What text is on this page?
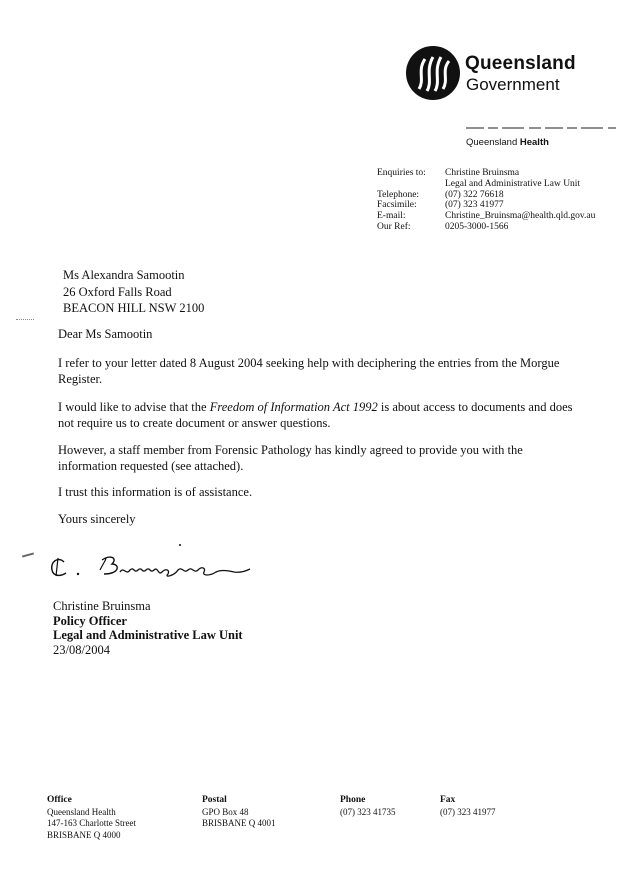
Queensland
Government
Queensland Health
Enquiries to:	Christine Bruinsma
Legal and Administrative Law Unit
Telephone:	(07) 322 76618
Facsimile:	(07) 323 41977
E-mail:	Christine_Bruinsma@health.qld.gov.au
Our Ref:	0205-3000-1566
Ms Alexandra Samootin
26 Oxford Falls Road
BEACON HILL NSW 2100
Dear Ms Samootin
I refer to your letter dated 8 August 2004 seeking help with deciphering the entries from the Morgue Register.
I would like to advise that the Freedom of Information Act 1992 is about access to documents and does not require us to create document or answer questions.
However, a staff member from Forensic Pathology has kindly agreed to provide you with the information requested (see attached).
I trust this information is of assistance.
Yours sincerely
Christine Bruinsma
Policy Officer
Legal and Administrative Law Unit
23/08/2004
Office
Queensland Health
147-163 Charlotte Street
BRISBANE Q 4000
Postal
GPO Box 48
BRISBANE Q 4001
Phone
(07) 323 41735
Fax
(07) 323 41977
